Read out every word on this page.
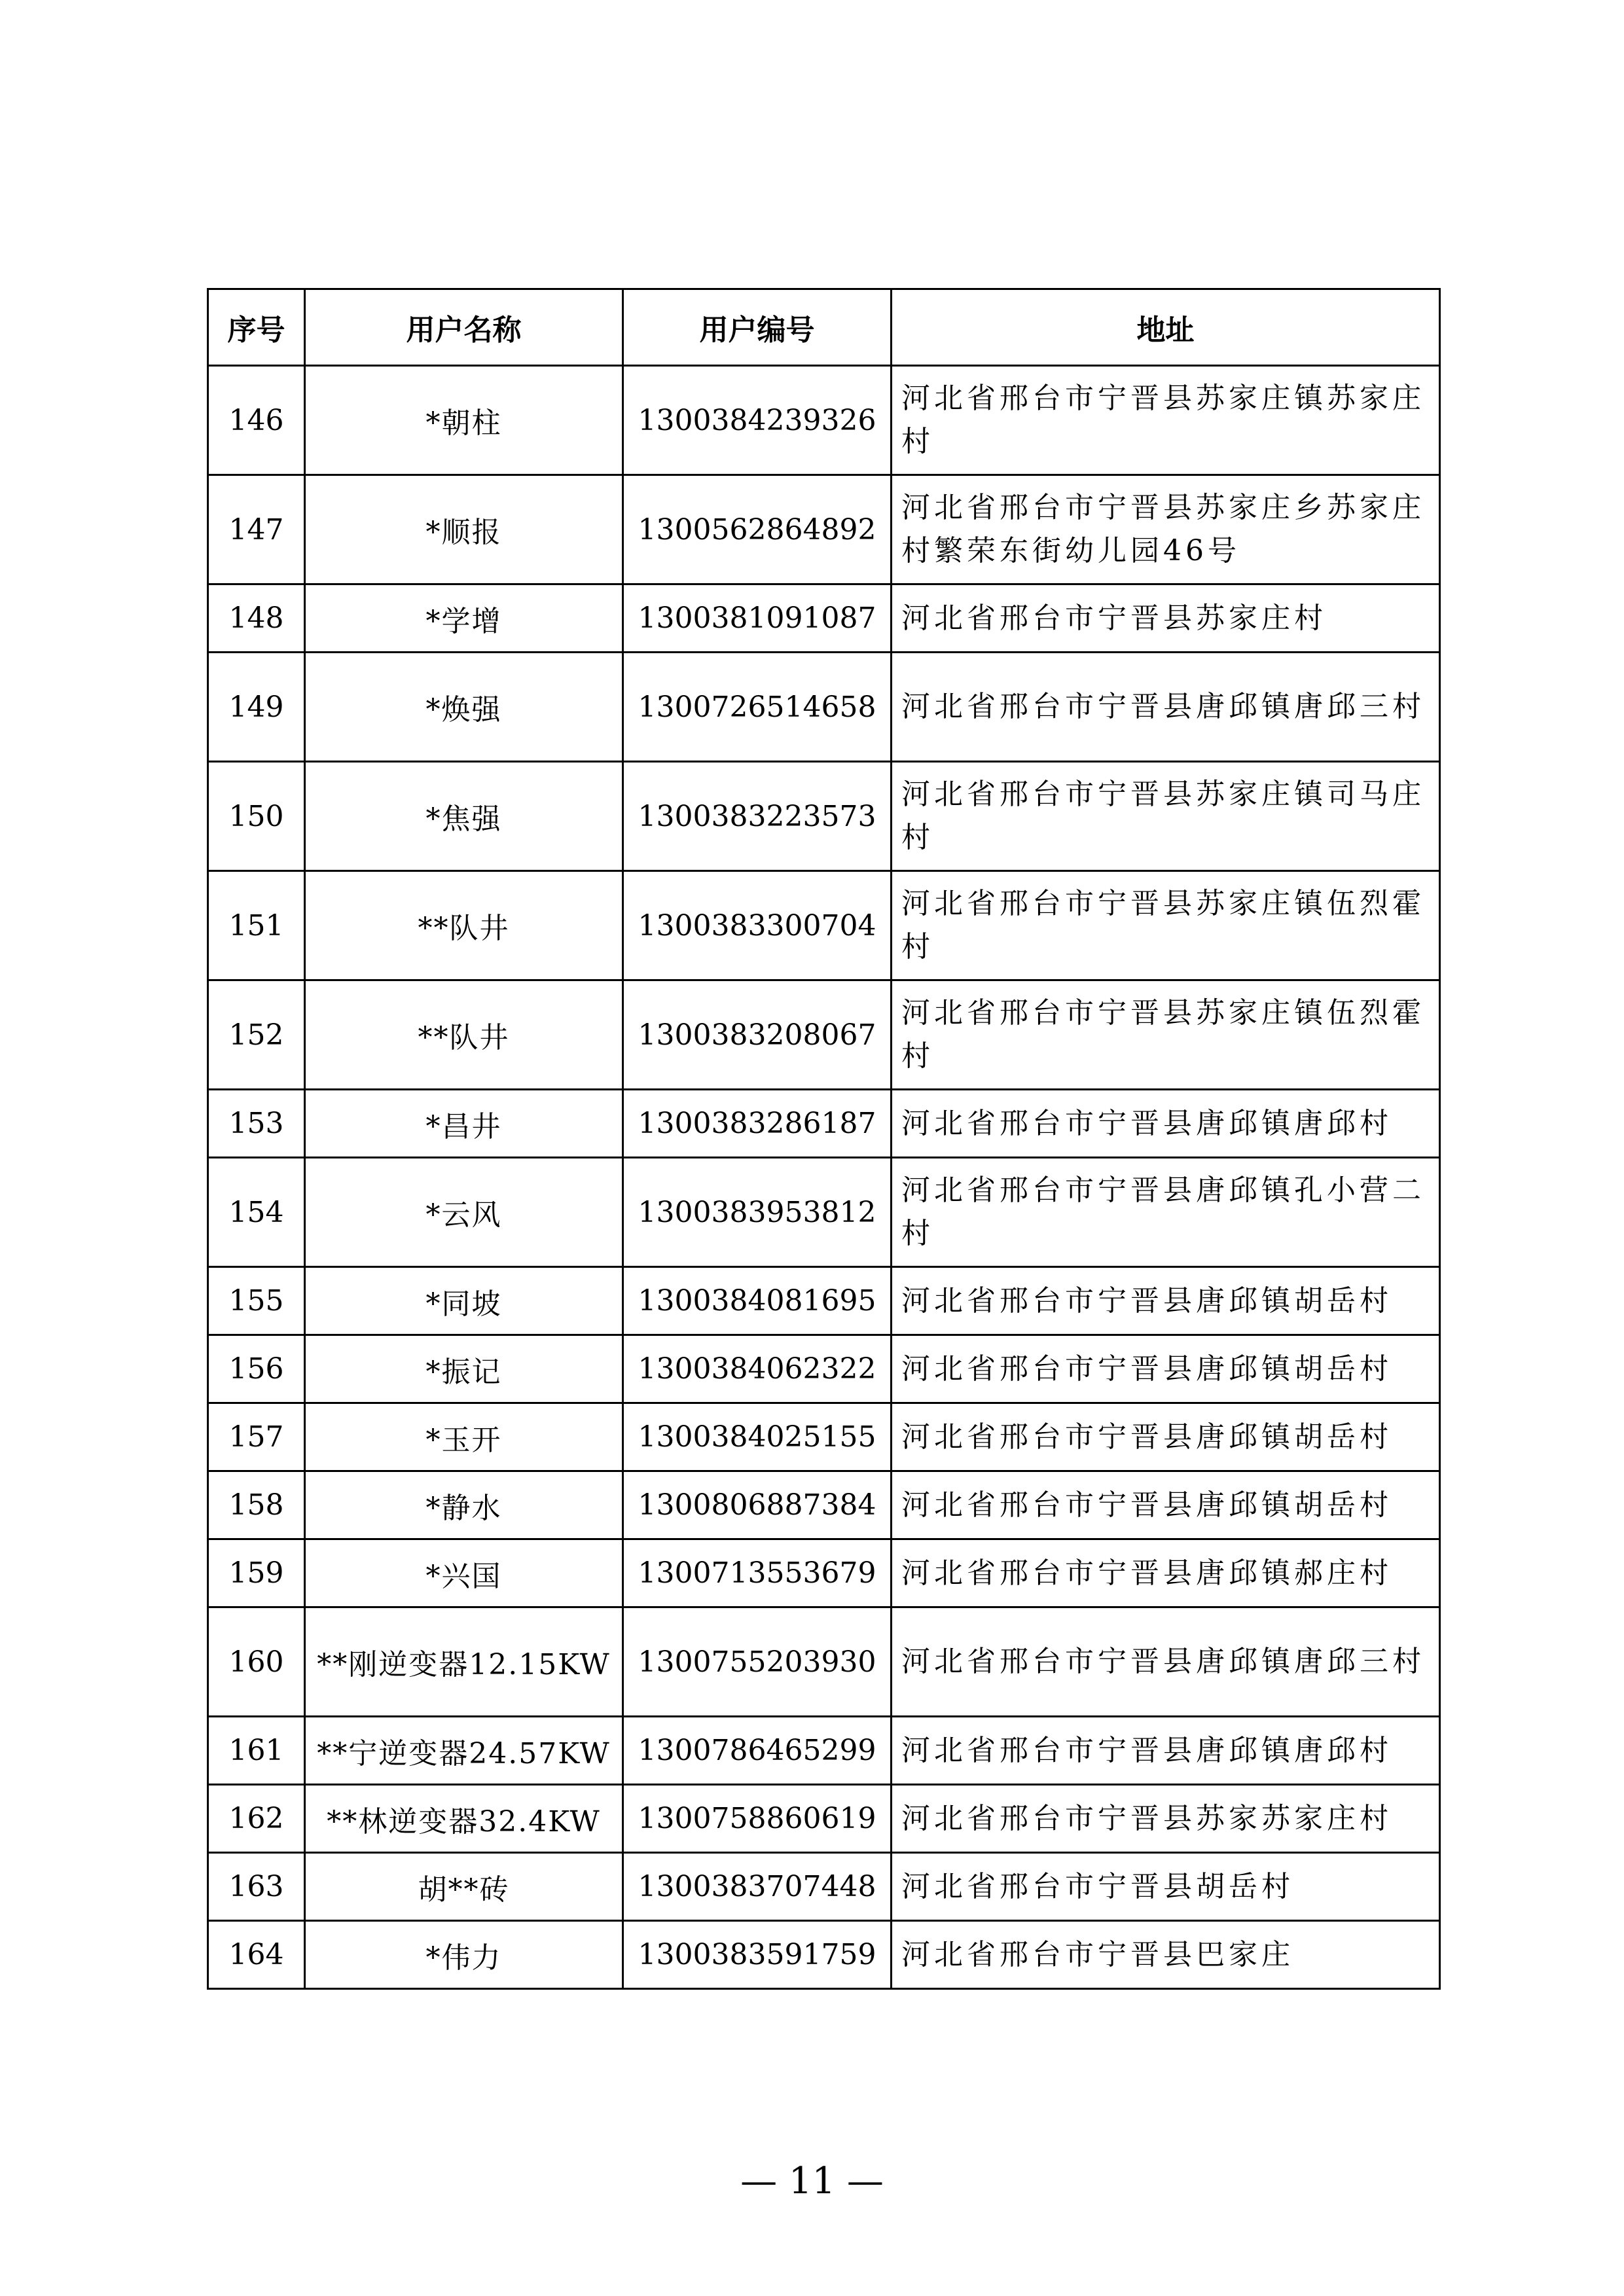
序号	用户名称	用户编号	地址
146	*朝柱	1300384239326	河北省邢台市宁晋县苏家庄镇苏家庄村
147	*顺报	1300562864892	河北省邢台市宁晋县苏家庄乡苏家庄村繁荣东街幼儿园46号
148	*学增	1300381091087	河北省邢台市宁晋县苏家庄村
149	*焕强	1300726514658	河北省邢台市宁晋县唐邱镇唐邱三村
150	*焦强	1300383223573	河北省邢台市宁晋县苏家庄镇司马庄村
151	**队井	1300383300704	河北省邢台市宁晋县苏家庄镇伍烈霍村
152	**队井	1300383208067	河北省邢台市宁晋县苏家庄镇伍烈霍村
153	*昌井	1300383286187	河北省邢台市宁晋县唐邱镇唐邱村
154	*云风	1300383953812	河北省邢台市宁晋县唐邱镇孔小营二村
155	*同坡	1300384081695	河北省邢台市宁晋县唐邱镇胡岳村
156	*振记	1300384062322	河北省邢台市宁晋县唐邱镇胡岳村
157	*玉开	1300384025155	河北省邢台市宁晋县唐邱镇胡岳村
158	*静水	1300806887384	河北省邢台市宁晋县唐邱镇胡岳村
159	*兴国	1300713553679	河北省邢台市宁晋县唐邱镇郝庄村
160	**刚逆变器12.15KW	1300755203930	河北省邢台市宁晋县唐邱镇唐邱三村
161	**宁逆变器24.57KW	1300786465299	河北省邢台市宁晋县唐邱镇唐邱村
162	**林逆变器32.4KW	1300758860619	河北省邢台市宁晋县苏家苏家庄村
163	胡**砖	1300383707448	河北省邢台市宁晋县胡岳村
164	*伟力	1300383591759	河北省邢台市宁晋县巴家庄
— 11 —
